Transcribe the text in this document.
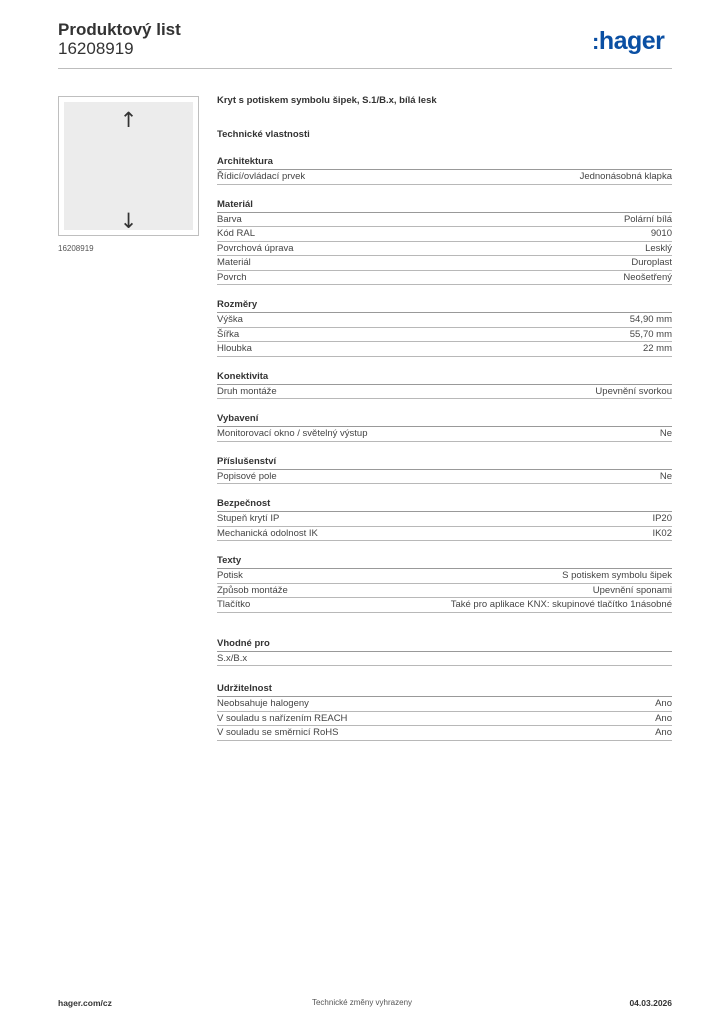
Produktový list
16208919	:hager
↑
↓
16208919
Kryt s potiskem symbolu šipek, S.1/B.x, bílá lesk
Technické vlastnosti
Architektura
Řídicí/ovládací prvek	Jednonásobná klapka
Materiál
Barva	Polární bílá
Kód RAL	9010
Povrchová úprava	Lesklý
Materiál	Duroplast
Povrch	Neošetřený
Rozměry
Výška	54,90 mm
Šířka	55,70 mm
Hloubka	22 mm
Konektivita
Druh montáže	Upevnění svorkou
Vybavení
Monitorovací okno / světelný výstup	Ne
Příslušenství
Popisové pole	Ne
Bezpečnost
Stupeň krytí IP	IP20
Mechanická odolnost IK	IK02
Texty
Potisk	S potiskem symbolu šipek
Způsob montáže	Upevnění sponami
Tlačítko	Také pro aplikace KNX: skupinové tlačítko 1násobné
Vhodné pro
S.x/B.x
Udržitelnost
Neobsahuje halogeny	Ano
V souladu s nařízením REACH	Ano
V souladu se směrnicí RoHS	Ano
hager.com/cz	Technické změny vyhrazeny	04.03.2026
